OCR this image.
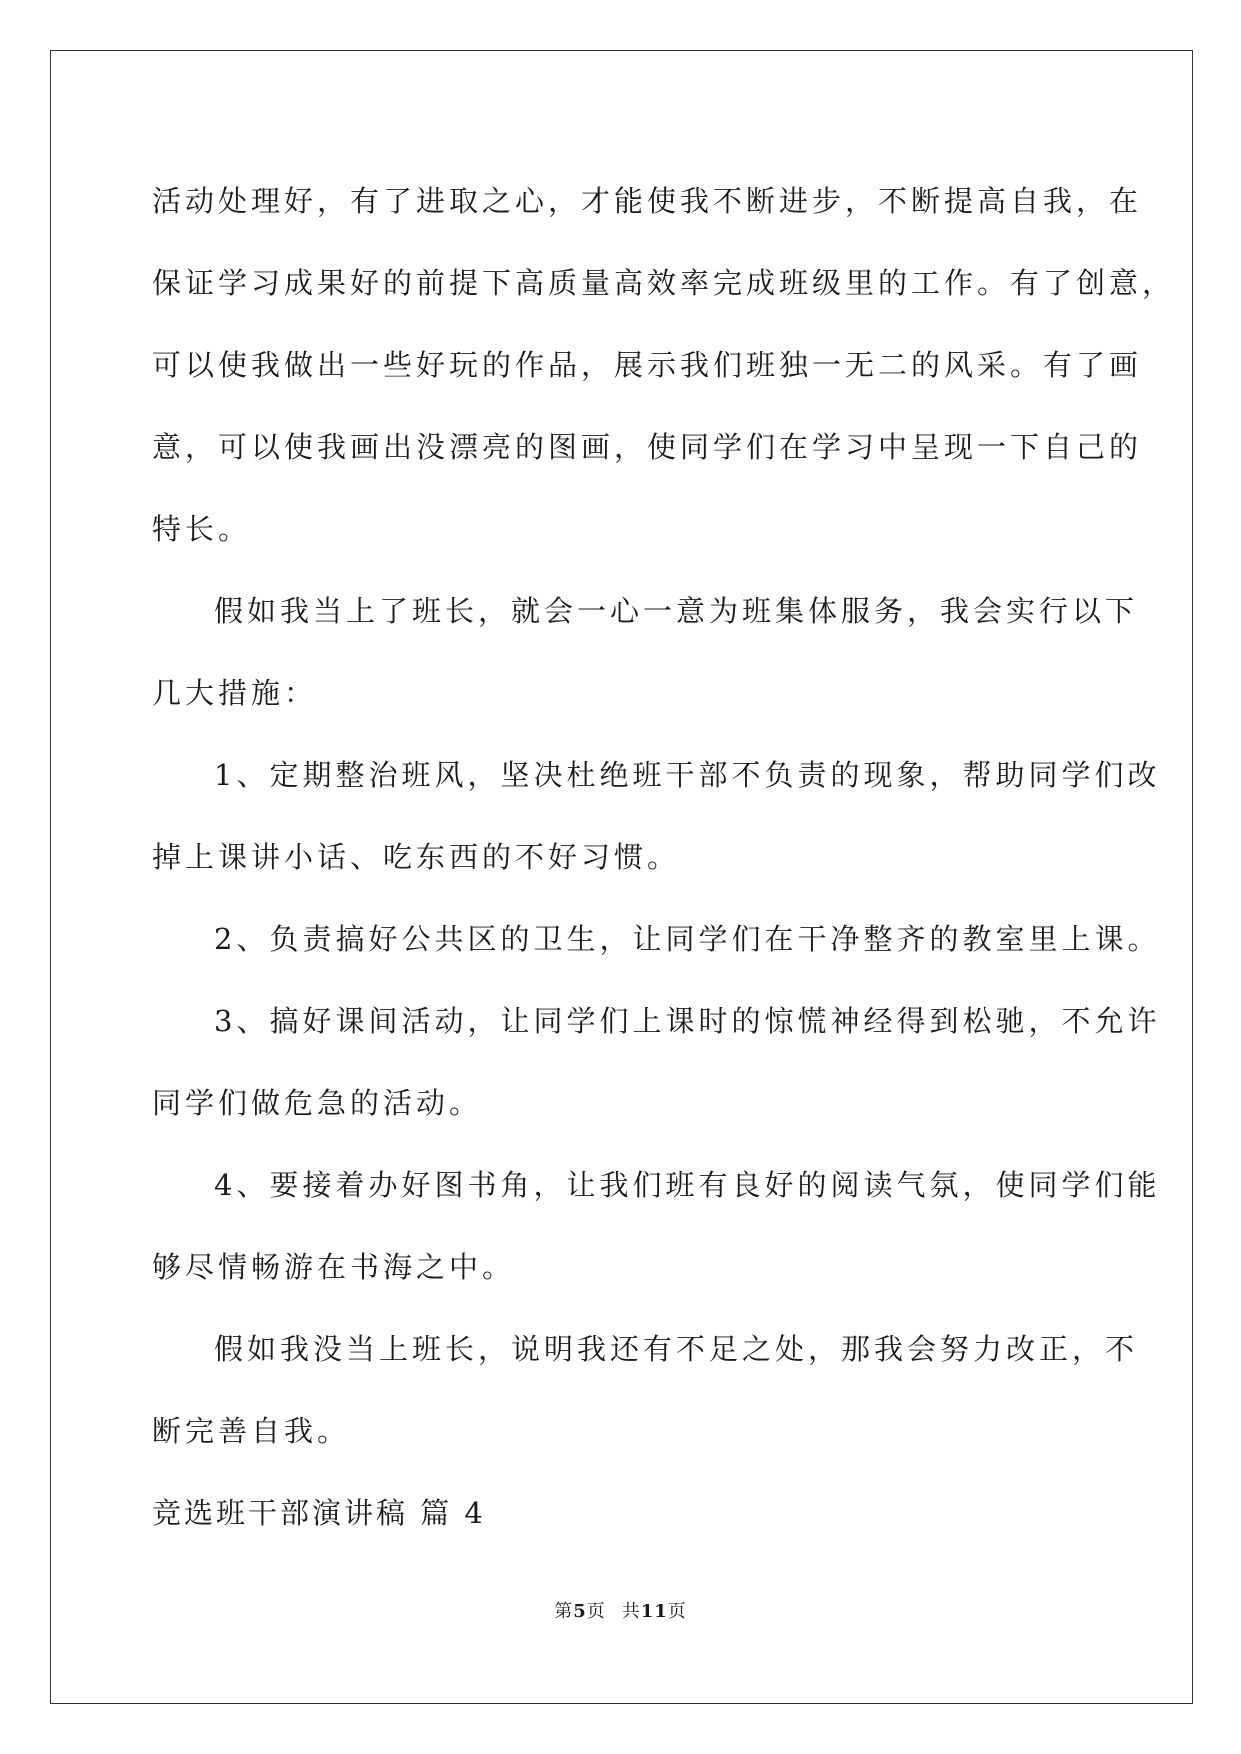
活动处理好，有了进取之心，才能使我不断进步，不断提高自我，在
保证学习成果好的前提下高质量高效率完成班级里的工作。有了创意，
可以使我做出一些好玩的作品，展示我们班独一无二的风采。有了画
意，可以使我画出没漂亮的图画，使同学们在学习中呈现一下自己的
特长。
假如我当上了班长，就会一心一意为班集体服务，我会实行以下
几大措施：
1、定期整治班风，坚决杜绝班干部不负责的现象，帮助同学们改
掉上课讲小话、吃东西的不好习惯。
2、负责搞好公共区的卫生，让同学们在干净整齐的教室里上课。
3、搞好课间活动，让同学们上课时的惊慌神经得到松驰，不允许
同学们做危急的活动。
4、要接着办好图书角，让我们班有良好的阅读气氛，使同学们能
够尽情畅游在书海之中。
假如我没当上班长，说明我还有不足之处，那我会努力改正，不
断完善自我。
竞选班干部演讲稿 篇 4
第5页 共11页
